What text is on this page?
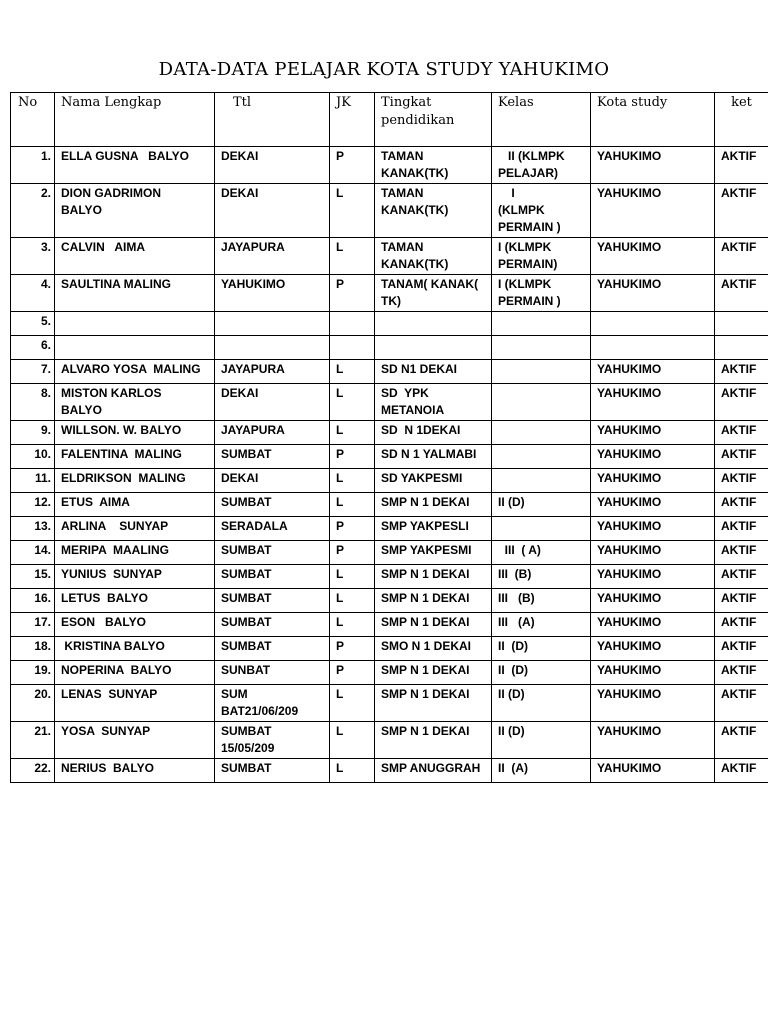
DATA-DATA PELAJAR KOTA STUDY YAHUKIMO
No	Nama Lengkap	Ttl	JK	Tingkat
pendidikan	Kelas	Kota study	ket
1.	ELLA GUSNA   BALYO	DEKAI	P	TAMAN
KANAK(TK)	II (KLMPK
PELAJAR)	YAHUKIMO	AKTIF
2.	DION GADRIMON  BALYO	DEKAI	L	TAMAN
KANAK(TK)	I
(KLMPK
PERMAIN )	YAHUKIMO	AKTIF
3.	CALVIN   AIMA	JAYAPURA	L	TAMAN
KANAK(TK)	I (KLMPK
PERMAIN)	YAHUKIMO	AKTIF
4.	SAULTINA MALING	YAHUKIMO	P	TANAM( KANAK(
TK)	I (KLMPK
PERMAIN )	YAHUKIMO	AKTIF
5.							
6.							
7.	ALVARO YOSA  MALING	JAYAPURA	L	SD N1 DEKAI		YAHUKIMO	AKTIF
8.	MISTON KARLOS  BALYO	DEKAI	L	SD  YPK
METANOIA		YAHUKIMO	AKTIF
9.	WILLSON. W. BALYO	JAYAPURA	L	SD  N 1DEKAI		YAHUKIMO	AKTIF
10.	FALENTINA  MALING	SUMBAT	P	SD N 1 YALMABI		YAHUKIMO	AKTIF
11.	ELDRIKSON  MALING	DEKAI	L	SD YAKPESMI		YAHUKIMO	AKTIF
12.	ETUS  AIMA	SUMBAT	L	SMP N 1 DEKAI	II (D)	YAHUKIMO	AKTIF
13.	ARLINA    SUNYAP	SERADALA	P	SMP YAKPESLI		YAHUKIMO	AKTIF
14.	MERIPA  MAALING	SUMBAT	P	SMP YAKPESMI	III  ( A)	YAHUKIMO	AKTIF
15.	YUNIUS  SUNYAP	SUMBAT	L	SMP N 1 DEKAI	III  (B)	YAHUKIMO	AKTIF
16.	LETUS  BALYO	SUMBAT	L	SMP N 1 DEKAI	III   (B)	YAHUKIMO	AKTIF
17.	ESON   BALYO	SUMBAT	L	SMP N 1 DEKAI	III   (A)	YAHUKIMO	AKTIF
18.	KRISTINA BALYO	SUMBAT	P	SMO N 1 DEKAI	II  (D)	YAHUKIMO	AKTIF
19.	NOPERINA  BALYO	SUNBAT	P	SMP N 1 DEKAI	II  (D)	YAHUKIMO	AKTIF
20.	LENAS  SUNYAP	SUM
BAT21/06/209	L	SMP N 1 DEKAI	II (D)	YAHUKIMO	AKTIF
21.	YOSA  SUNYAP	SUMBAT
15/05/209	L	SMP N 1 DEKAI	II (D)	YAHUKIMO	AKTIF
22.	NERIUS  BALYO	SUMBAT	L	SMP ANUGGRAH	II  (A)	YAHUKIMO	AKTIF
